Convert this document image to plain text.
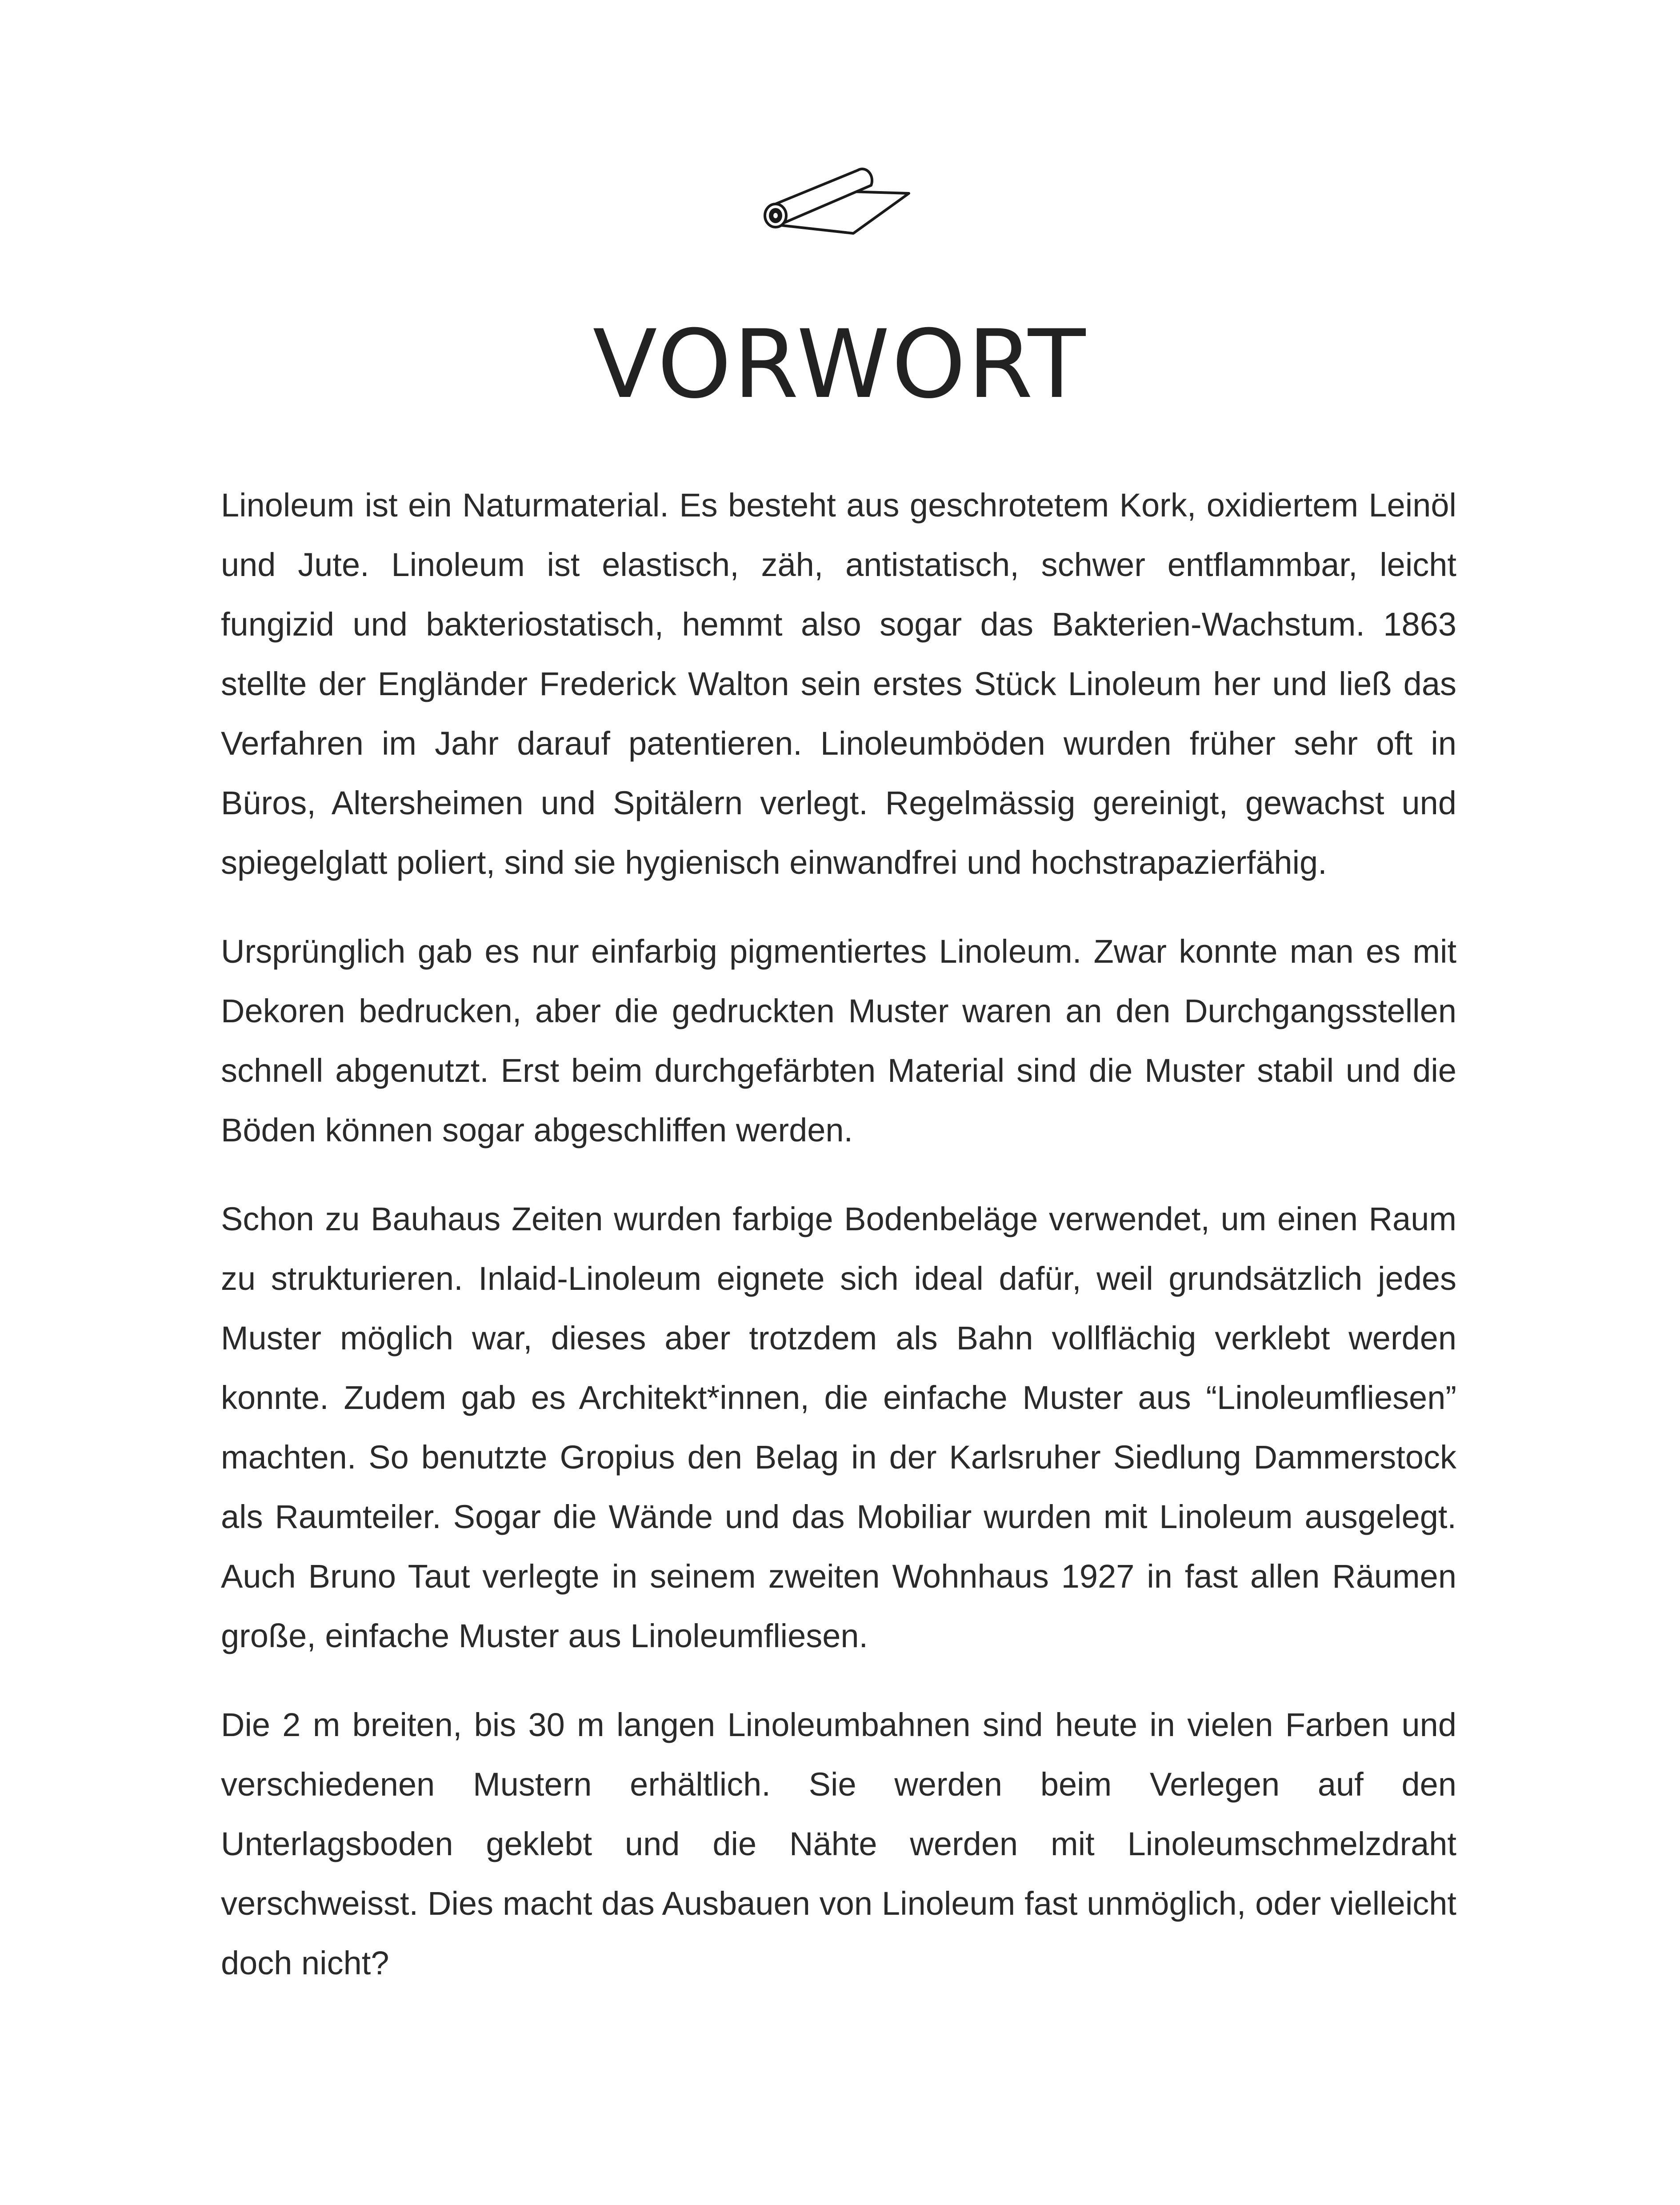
VORWORT

Linoleum ist ein Naturmaterial. Es besteht aus geschrotetem Kork, oxidiertem Leinöl und Jute. Linoleum ist elastisch, zäh, antistatisch, schwer entflammbar, leicht fungizid und bakteriostatisch, hemmt also sogar das Bakterien-Wachstum. 1863 stellte der Engländer Frederick Walton sein erstes Stück Linoleum her und ließ das Verfahren im Jahr darauf patentieren. Linoleumböden wurden früher sehr oft in Büros, Altersheimen und Spitälern verlegt. Regelmässig gereinigt, gewachst und spiegelglatt poliert, sind sie hygienisch einwandfrei und hochstrapazierfähig.

Ursprünglich gab es nur einfarbig pigmentiertes Linoleum. Zwar konnte man es mit Dekoren bedrucken, aber die gedruckten Muster waren an den Durchgangsstellen schnell abgenutzt. Erst beim durchgefärbten Material sind die Muster stabil und die Böden können sogar abgeschliffen werden.

Schon zu Bauhaus Zeiten wurden farbige Bodenbeläge verwendet, um einen Raum zu strukturieren. Inlaid-Linoleum eignete sich ideal dafür, weil grundsätzlich jedes Muster möglich war, dieses aber trotzdem als Bahn vollflächig verklebt werden konnte. Zudem gab es Architekt*innen, die einfache Muster aus “Linoleumfliesen” machten. So benutzte Gropius den Belag in der Karlsruher Siedlung Dammerstock als Raumteiler. Sogar die Wände und das Mobiliar wurden mit Linoleum ausgelegt. Auch Bruno Taut verlegte in seinem zweiten Wohnhaus 1927 in fast allen Räumen große, einfache Muster aus Linoleumfliesen.

Die 2 m breiten, bis 30 m langen Linoleumbahnen sind heute in vielen Farben und verschiedenen Mustern erhältlich. Sie werden beim Verlegen auf den Unterlagsboden geklebt und die Nähte werden mit Linoleumschmelzdraht verschweisst. Dies macht das Ausbauen von Linoleum fast unmöglich, oder vielleicht doch nicht?
